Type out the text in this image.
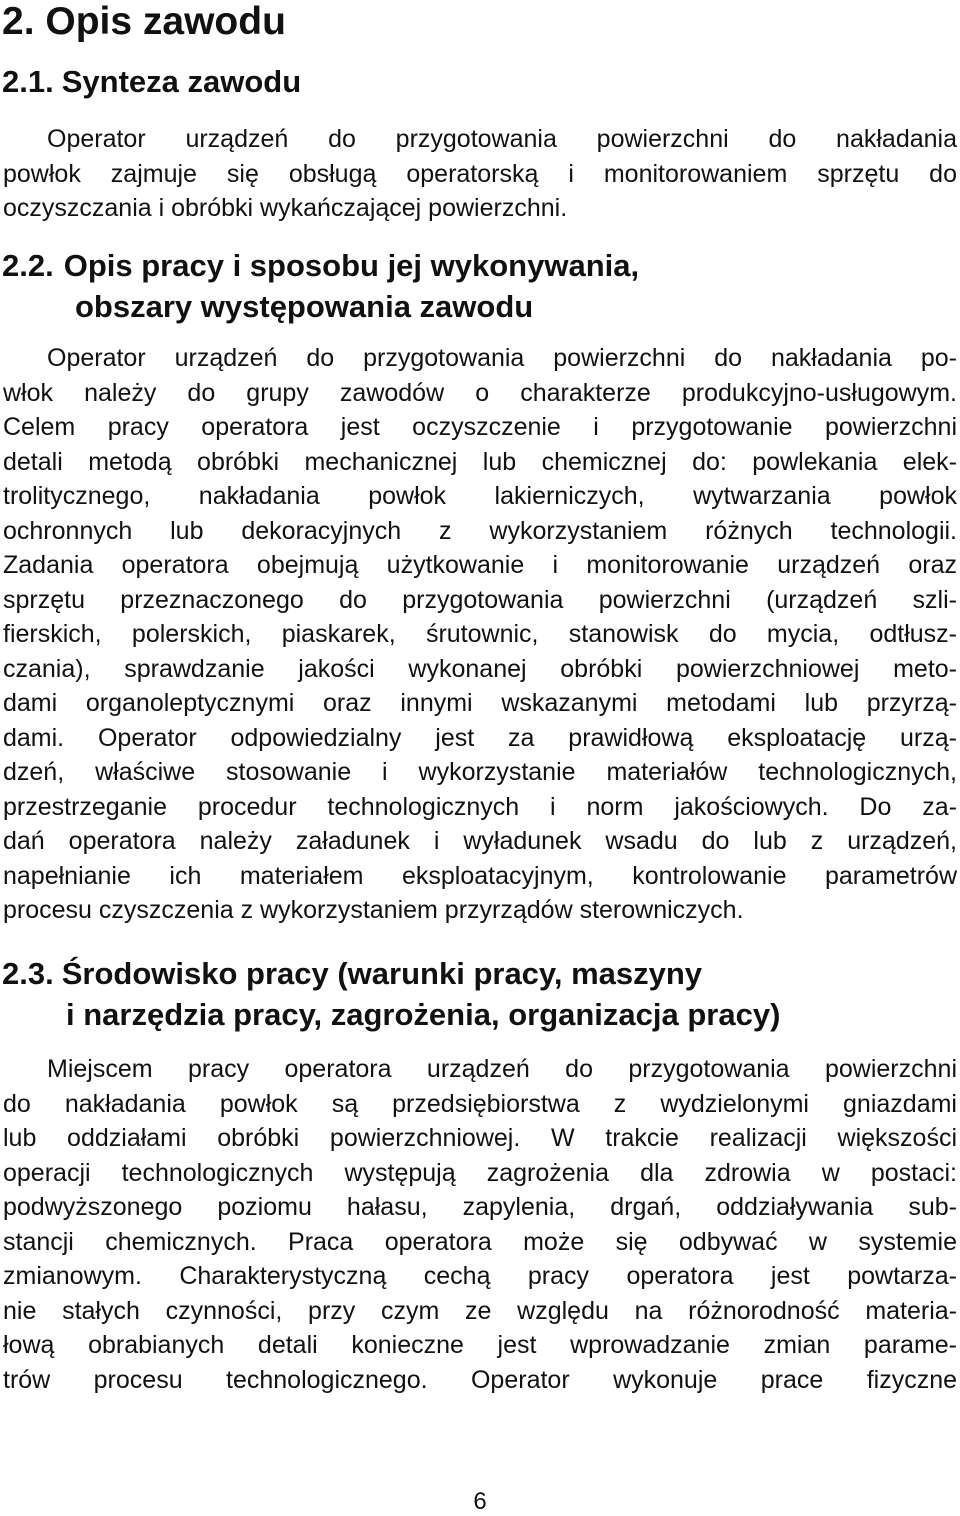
2. Opis zawodu
2.1. Synteza zawodu
Operator urządzeń do przygotowania powierzchni do nakładania
powłok zajmuje się obsługą operatorską i monitorowaniem sprzętu do
oczyszczania i obróbki wykańczającej powierzchni.
2.2. Opis pracy i sposobu jej wykonywania,
obszary występowania zawodu
Operator urządzeń do przygotowania powierzchni do nakładania po-
włok należy do grupy zawodów o charakterze produkcyjno-usługowym.
Celem pracy operatora jest oczyszczenie i przygotowanie powierzchni
detali metodą obróbki mechanicznej lub chemicznej do: powlekania elek-
trolitycznego, nakładania powłok lakierniczych, wytwarzania powłok
ochronnych lub dekoracyjnych z wykorzystaniem różnych technologii.
Zadania operatora obejmują użytkowanie i monitorowanie urządzeń oraz
sprzętu przeznaczonego do przygotowania powierzchni (urządzeń szli-
fierskich, polerskich, piaskarek, śrutownic, stanowisk do mycia, odtłusz-
czania), sprawdzanie jakości wykonanej obróbki powierzchniowej meto-
dami organoleptycznymi oraz innymi wskazanymi metodami lub przyrzą-
dami. Operator odpowiedzialny jest za prawidłową eksploatację urzą-
dzeń, właściwe stosowanie i wykorzystanie materiałów technologicznych,
przestrzeganie procedur technologicznych i norm jakościowych. Do za-
dań operatora należy załadunek i wyładunek wsadu do lub z urządzeń,
napełnianie ich materiałem eksploatacyjnym, kontrolowanie parametrów
procesu czyszczenia z wykorzystaniem przyrządów sterowniczych.
2.3. Środowisko pracy (warunki pracy, maszyny
i narzędzia pracy, zagrożenia, organizacja pracy)
Miejscem pracy operatora urządzeń do przygotowania powierzchni
do nakładania powłok są przedsiębiorstwa z wydzielonymi gniazdami
lub oddziałami obróbki powierzchniowej. W trakcie realizacji większości
operacji technologicznych występują zagrożenia dla zdrowia w postaci:
podwyższonego poziomu hałasu, zapylenia, drgań, oddziaływania sub-
stancji chemicznych. Praca operatora może się odbywać w systemie
zmianowym. Charakterystyczną cechą pracy operatora jest powtarza-
nie stałych czynności, przy czym ze względu na różnorodność materia-
łową obrabianych detali konieczne jest wprowadzanie zmian parame-
trów procesu technologicznego. Operator wykonuje prace fizyczne
6
